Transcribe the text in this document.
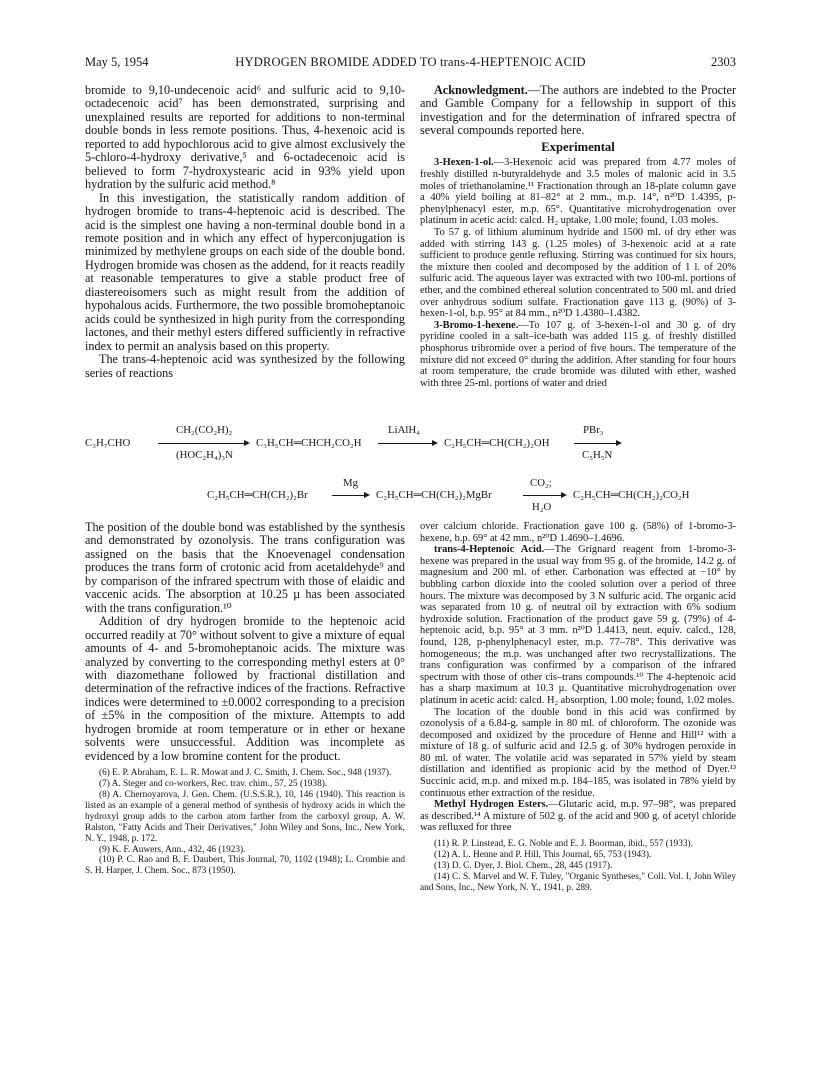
May 5, 1954	HYDROGEN BROMIDE ADDED TO trans-4-HEPTENOIC ACID	2303

bromide to 9,10-undecenoic acid⁶ and sulfuric acid to 9,10-octadecenoic acid⁷ has been demonstrated, surprising and unexplained results are reported for additions to non-terminal double bonds in less remote positions. Thus, 4-hexenoic acid is reported to add hypochlorous acid to give almost exclusively the 5-chloro-4-hydroxy derivative,⁵ and 6-octadecenoic acid is believed to form 7-hydroxystearic acid in 93% yield upon hydration by the sulfuric acid method.⁸

In this investigation, the statistically random addition of hydrogen bromide to trans-4-heptenoic acid is described. The acid is the simplest one having a non-terminal double bond in a remote position and in which any effect of hyperconjugation is minimized by methylene groups on each side of the double bond. Hydrogen bromide was chosen as the addend, for it reacts readily at reasonable temperatures to give a stable product free of diastereoisomers such as might result from the addition of hypohalous acids. Furthermore, the two possible bromoheptanoic acids could be synthesized in high purity from the corresponding lactones, and their methyl esters differed sufficiently in refractive index to permit an analysis based on this property.

The trans-4-heptenoic acid was synthesized by the following series of reactions

Acknowledgment.—The authors are indebted to the Procter and Gamble Company for a fellowship in support of this investigation and for the determination of infrared spectra of several compounds reported here.

Experimental

3-Hexen-1-ol.—3-Hexenoic acid was prepared from 4.77 moles of freshly distilled n-butyraldehyde and 3.5 moles of malonic acid in 3.5 moles of triethanolamine.¹¹ Fractionation through an 18-plate column gave a 40% yield boiling at 81–82° at 2 mm., m.p. 14°, n²⁰D 1.4395, p-phenylphenacyl ester, m.p. 65°. Quantitative microhydrogenation over platinum in acetic acid: calcd. H₂ uptake, 1.00 mole; found, 1.03 moles.

To 57 g. of lithium aluminum hydride and 1500 ml. of dry ether was added with stirring 143 g. (1.25 moles) of 3-hexenoic acid at a rate sufficient to produce gentle refluxing. Stirring was continued for six hours, the mixture then cooled and decomposed by the addition of 1 l. of 20% sulfuric acid. The aqueous layer was extracted with two 100-ml. portions of ether, and the combined ethereal solution concentrated to 500 ml. and dried over anhydrous sodium sulfate. Fractionation gave 113 g. (90%) of 3-hexen-1-ol, b.p. 95° at 84 mm., n²⁰D 1.4380–1.4382.

3-Bromo-1-hexene.—To 107 g. of 3-hexen-1-ol and 30 g. of dry pyridine cooled in a salt–ice-bath was added 115 g. of freshly distilled phosphorus tribromide over a period of five hours. The temperature of the mixture did not exceed 0° during the addition. After standing for four hours at room temperature, the crude bromide was diluted with ether, washed with three 25-ml. portions of water and dried

C₃H₇CHO
CH₂(CO₂H)₂
(HOC₂H₄)₃N
C₃H₅CH═CHCH₂CO₂H
LiAlH₄
→ C₂H₅CH═CH(CH₂)₂OH
PBr₃
C₅H₅N
C₂H₅CH═CH(CH₂)₂Br
Mg
→ C₂H₅CH═CH(CH₂)₂MgBr
CO₂;
H₂O
C₂H₅CH═CH(CH₂)₂CO₂H

The position of the double bond was established by the synthesis and demonstrated by ozonolysis. The trans configuration was assigned on the basis that the Knoevenagel condensation produces the trans form of crotonic acid from acetaldehyde⁹ and by comparison of the infrared spectrum with those of elaidic and vaccenic acids. The absorption at 10.25 µ has been associated with the trans configuration.¹⁰

Addition of dry hydrogen bromide to the heptenoic acid occurred readily at 70° without solvent to give a mixture of equal amounts of 4- and 5-bromoheptanoic acids. The mixture was analyzed by converting to the corresponding methyl esters at 0° with diazomethane followed by fractional distillation and determination of the refractive indices of the fractions. Refractive indices were determined to ±0.0002 corresponding to a precision of ±5% in the composition of the mixture. Attempts to add hydrogen bromide at room temperature or in ether or hexane solvents were unsuccessful. Addition was incomplete as evidenced by a low bromine content for the product.

(6) E. P. Abraham, E. L. R. Mowat and J. C. Smith, J. Chem. Soc., 948 (1937).

(7) A. Steger and co-workers, Rec. trav. chim., 57, 25 (1938).

(8) A. Chernoyarova, J. Gen. Chem. (U.S.S.R.), 10, 146 (1940). This reaction is listed as an example of a general method of synthesis of hydroxy acids in which the hydroxyl group adds to the carbon atom farther from the carboxyl group, A. W. Ralston, "Fatty Acids and Their Derivatives," John Wiley and Sons, Inc., New York, N. Y., 1948, p. 172.

(9) K. F. Auwers, Ann., 432, 46 (1923).

(10) P. C. Rao and B. F. Daubert, This Journal, 70, 1102 (1948); L. Crombie and S. H. Harper, J. Chem. Soc., 873 (1950).

over calcium chloride. Fractionation gave 100 g. (58%) of 1-bromo-3-hexene, b.p. 69° at 42 mm., n²⁰D 1.4690–1.4696.

trans-4-Heptenoic Acid.—The Grignard reagent from 1-bromo-3-hexene was prepared in the usual way from 95 g. of the bromide, 14.2 g. of magnesium and 200 ml. of ether. Carbonation was effected at −10° by bubbling carbon dioxide into the cooled solution over a period of three hours. The mixture was decomposed by 3 N sulfuric acid. The organic acid was separated from 10 g. of neutral oil by extraction with 6% sodium hydroxide solution. Fractionation of the product gave 59 g. (79%) of 4-heptenoic acid, b.p. 95° at 3 mm. n²⁰D 1.4413, neut. equiv. calcd., 128, found, 128, p-phenylphenacyl ester, m.p. 77–78°. This derivative was homogeneous; the m.p. was unchanged after two recrystallizations. The trans configuration was confirmed by a comparison of the infrared spectrum with those of other cis–trans compounds.¹⁰ The 4-heptenoic acid has a sharp maximum at 10.3 µ. Quantitative microhydrogenation over platinum in acetic acid: calcd. H₂ absorption, 1.00 mole; found, 1.02 moles.

The location of the double bond in this acid was confirmed by ozonolysis of a 6.84-g. sample in 80 ml. of chloroform. The ozonide was decomposed and oxidized by the procedure of Henne and Hill¹² with a mixture of 18 g. of sulfuric acid and 12.5 g. of 30% hydrogen peroxide in 80 ml. of water. The volatile acid was separated in 57% yield by steam distillation and identified as propionic acid by the method of Dyer.¹³ Succinic acid, m.p. and mixed m.p. 184–185, was isolated in 78% yield by continuous ether extraction of the residue.

Methyl Hydrogen Esters.—Glutaric acid, m.p. 97–98°, was prepared as described.¹⁴ A mixture of 502 g. of the acid and 900 g. of acetyl chloride was refluxed for three

(11) R. P. Linstead, E. G. Noble and E. J. Boorman, ibid., 557 (1933).

(12) A. L. Henne and P. Hill, This Journal, 65, 753 (1943).

(13) D. C. Dyer, J. Biol. Chem., 28, 445 (1917).

(14) C. S. Marvel and W. F. Tuley, "Organic Syntheses," Coll. Vol. I, John Wiley and Sons, Inc., New York, N. Y., 1941, p. 289.
